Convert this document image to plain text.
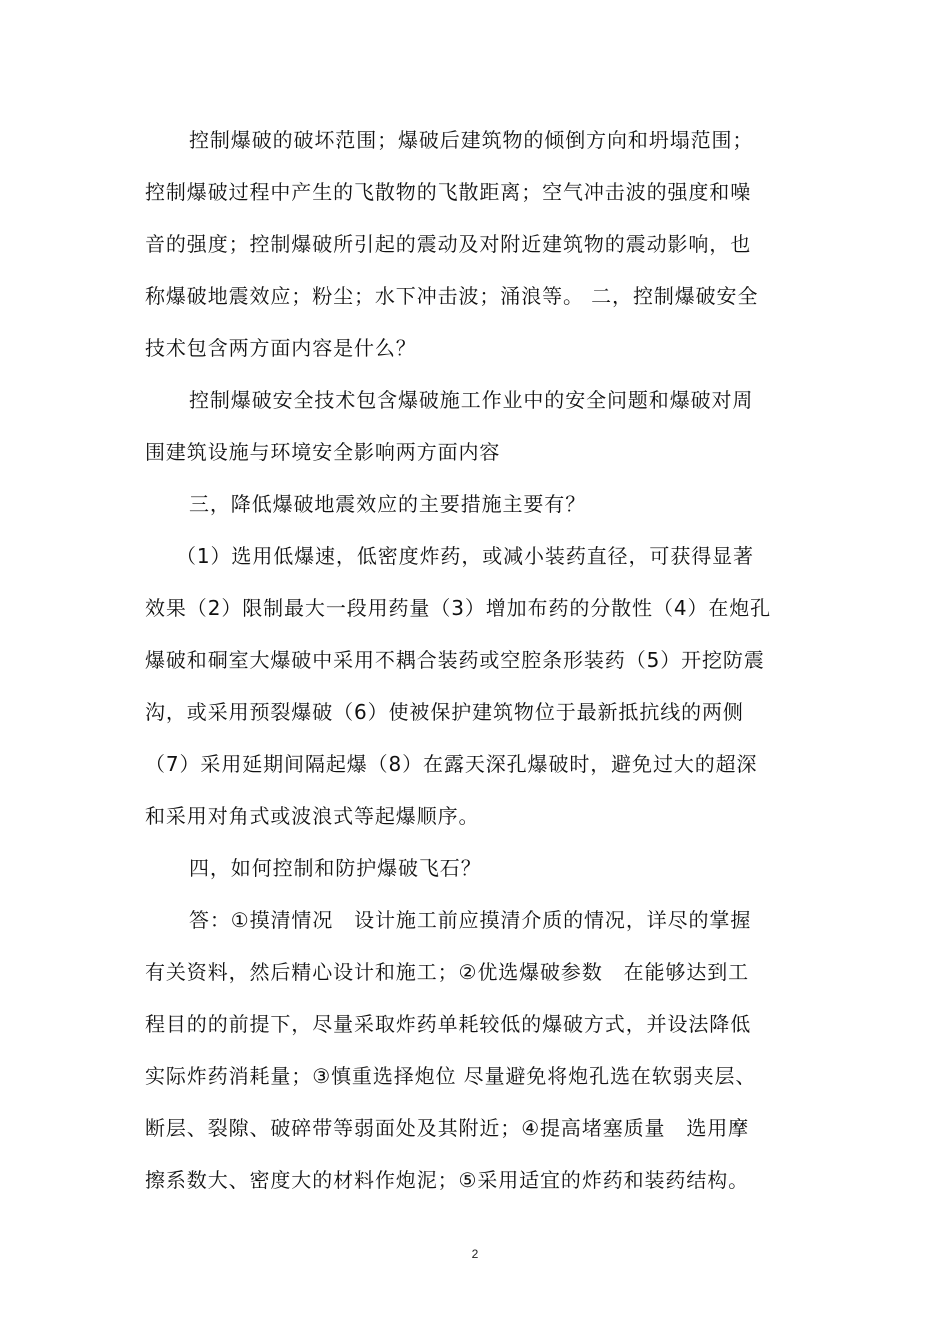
控制爆破的破坏范围；爆破后建筑物的倾倒方向和坍塌范围；
控制爆破过程中产生的飞散物的飞散距离；空气冲击波的强度和噪
音的强度；控制爆破所引起的震动及对附近建筑物的震动影响，也
称爆破地震效应；粉尘；水下冲击波；涌浪等。 二，控制爆破安全
技术包含两方面内容是什么？
控制爆破安全技术包含爆破施工作业中的安全问题和爆破对周
围建筑设施与环境安全影响两方面内容
三，降低爆破地震效应的主要措施主要有？
（1）选用低爆速，低密度炸药，或减小装药直径，可获得显著
效果（2）限制最大一段用药量（3）增加布药的分散性（4）在炮孔
爆破和硐室大爆破中采用不耦合装药或空腔条形装药（5）开挖防震
沟，或采用预裂爆破（6）使被保护建筑物位于最新抵抗线的两侧
（7）采用延期间隔起爆（8）在露天深孔爆破时，避免过大的超深
和采用对角式或波浪式等起爆顺序。
四，如何控制和防护爆破飞石？
答：①摸清情况　设计施工前应摸清介质的情况，详尽的掌握
有关资料，然后精心设计和施工；②优选爆破参数　在能够达到工
程目的的前提下，尽量采取炸药单耗较低的爆破方式，并设法降低
实际炸药消耗量；③慎重选择炮位 尽量避免将炮孔选在软弱夹层、
断层、裂隙、破碎带等弱面处及其附近；④提高堵塞质量　选用摩
擦系数大、密度大的材料作炮泥；⑤采用适宜的炸药和装药结构。
2
